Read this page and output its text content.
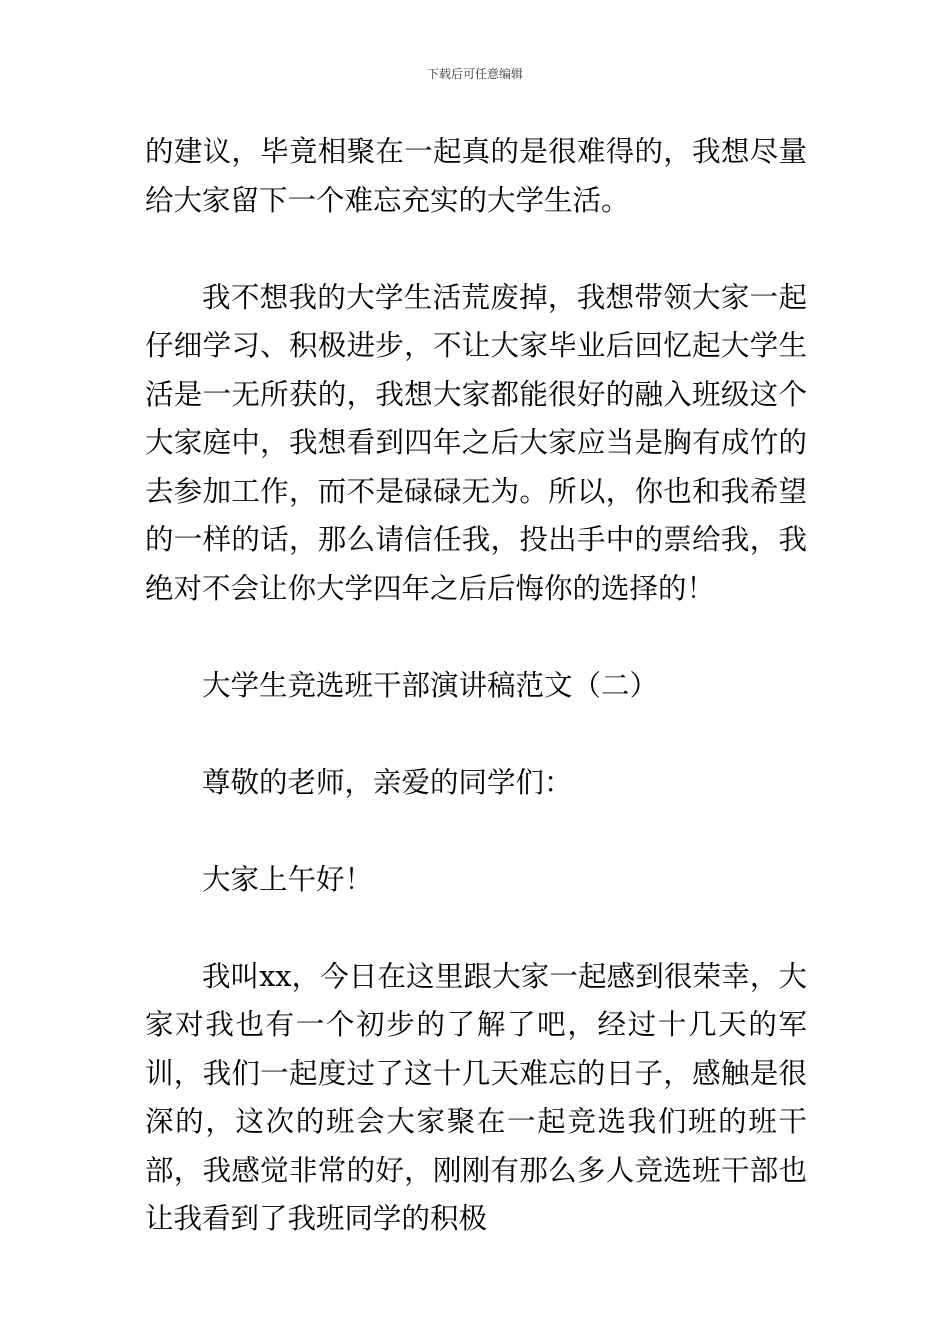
下载后可任意编辑

的建议，毕竟相聚在一起真的是很难得的，我想尽量给大家留下一个难忘充实的大学生活。

我不想我的大学生活荒废掉，我想带领大家一起仔细学习、积极进步，不让大家毕业后回忆起大学生活是一无所获的，我想大家都能很好的融入班级这个大家庭中，我想看到四年之后大家应当是胸有成竹的去参加工作，而不是碌碌无为。所以，你也和我希望的一样的话，那么请信任我，投出手中的票给我，我绝对不会让你大学四年之后后悔你的选择的！

大学生竞选班干部演讲稿范文（二）

尊敬的老师，亲爱的同学们：

大家上午好！

我叫xx，今日在这里跟大家一起感到很荣幸，大家对我也有一个初步的了解了吧，经过十几天的军训，我们一起度过了这十几天难忘的日子，感触是很深的，这次的班会大家聚在一起竞选我们班的班干部，我感觉非常的好，刚刚有那么多人竞选班干部也让我看到了我班同学的积极
